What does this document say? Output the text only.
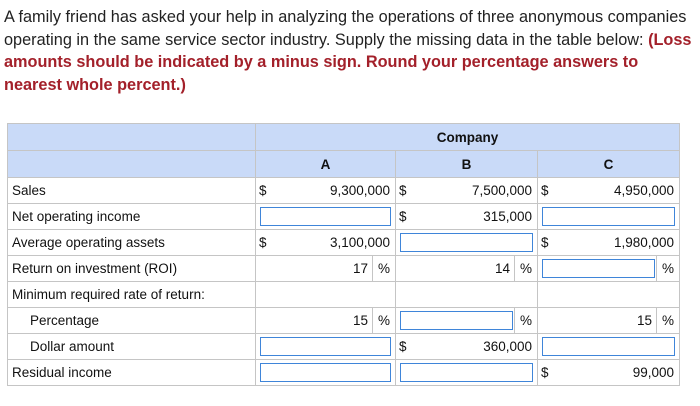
A family friend has asked your help in analyzing the operations of three anonymous companies operating in the same service sector industry. Supply the missing data in the table below: (Loss amounts should be indicated by a minus sign. Round your percentage answers to nearest whole percent.)
	Company		
	A	B	C
Sales	$ 9,300,000	$ 7,500,000	$ 4,950,000

Net operating income		$ 315,000	

Average operating assets	$ 3,100,000		$ 1,980,000

Return on investment (ROI)	17 %	14 %	%

Minimum required rate of return:			
Percentage	15 %	%	15 %

Dollar amount		$ 360,000	

Residual income			$ 99,000
